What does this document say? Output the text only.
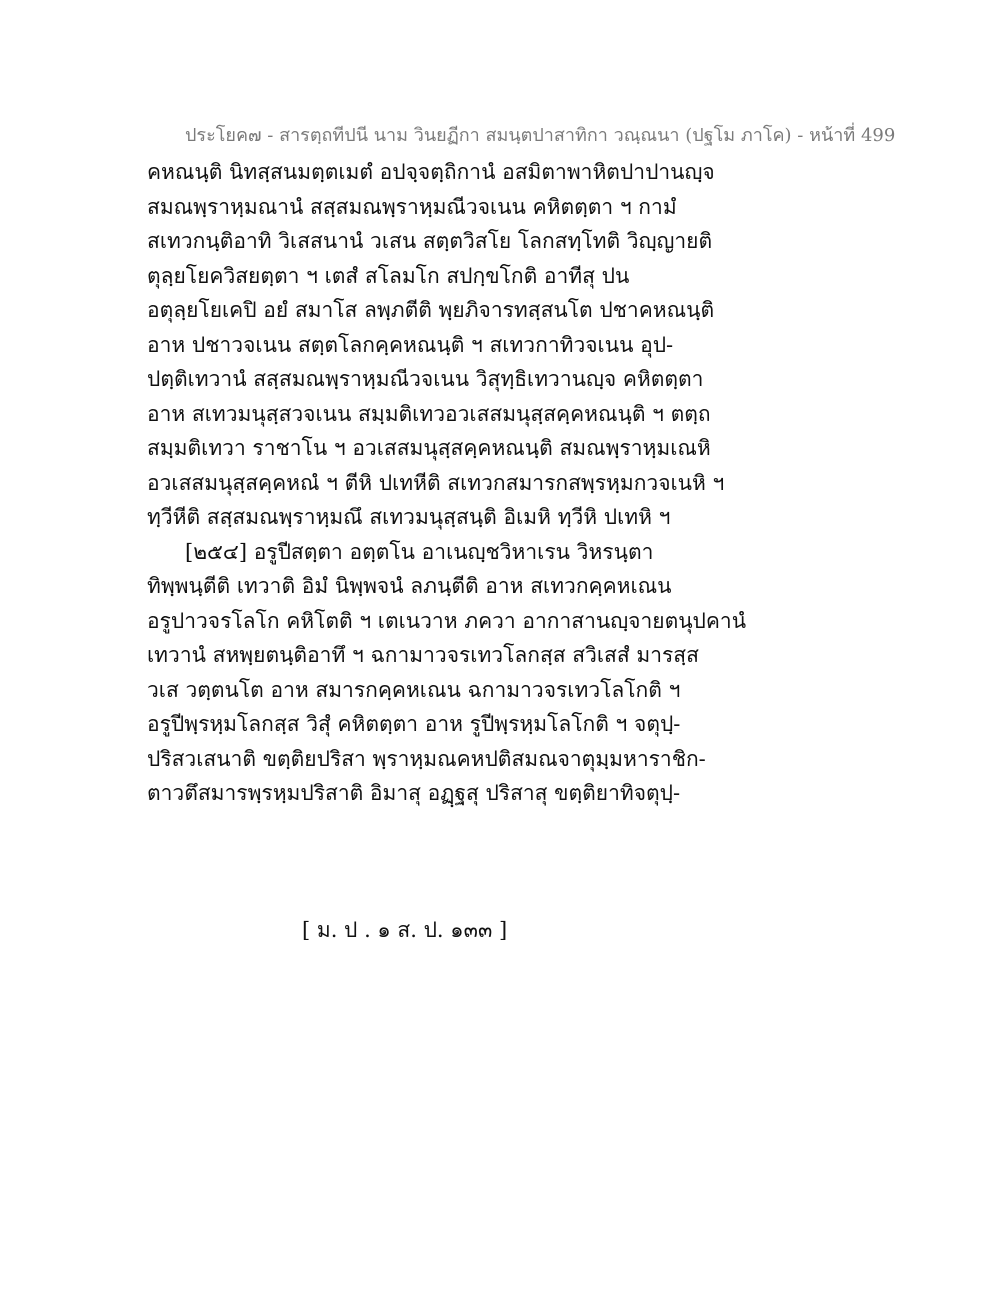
ประโยค๗ - สารตฺถทีปนี นาม วินยฏีกา สมนฺตปาสาทิกา วณฺณนา (ปฐโม ภาโค) - หน้าที่ 499
คหณนฺติ นิทสฺสนมตฺตเมตํ อปจฺจตฺถิกานํ อสมิตาพาหิตปาปานญฺจ
สมณพฺราหฺมณานํ สสฺสมณพฺราหฺมณีวจเนน คหิตตฺตา ฯ กามํ
สเทวกนฺติอาทิ วิเสสนานํ วเสน สตฺตวิสโย โลกสทฺโทติ วิญฺญายติ
ตุลฺยโยควิสยตฺตา ฯ เตสํ สโลมโก สปกฺขโกติ อาทีสุ ปน
อตุลฺยโยเคปิ อยํ สมาโส ลพฺภตีติ พฺยภิจารทสฺสนโต ปชาคหณนฺติ
อาห ปชาวจเนน สตฺตโลกคฺคหณนฺติ ฯ สเทวกาทิวจเนน อุป-
ปตฺติเทวานํ สสฺสมณพฺราหฺมณีวจเนน วิสุทฺธิเทวานญฺจ คหิตตฺตา
อาห สเทวมนุสฺสวจเนน สมฺมติเทวอวเสสมนุสฺสคฺคหณนฺติ ฯ ตตฺถ
สมฺมติเทวา ราชาโน ฯ อวเสสมนุสฺสคฺคหณนฺติ สมณพฺราหฺมเณหิ
อวเสสมนุสฺสคฺคหณํ ฯ ตีหิ ปเทหีติ สเทวกสมารกสพฺรหฺมกวจเนหิ ฯ
ทฺวีหีติ สสฺสมณพฺราหฺมณึ สเทวมนุสฺสนฺติ อิเมหิ ทฺวีหิ ปเทหิ ฯ
[๒๕๔] อรูปีสตฺตา อตฺตโน อาเนญฺชวิหาเรน วิหรนฺตา
ทิพฺพนฺตีติ เทวาติ อิมํ นิพฺพจนํ ลภนฺตีติ อาห สเทวกคฺคหเณน
อรูปาวจรโลโก คหิโตติ ฯ เตเนวาห ภควา อากาสานญฺจายตนุปคานํ
เทวานํ สหพฺยตนฺติอาทึ ฯ ฉกามาวจรเทวโลกสฺส สวิเสสํ มารสฺส
วเส วตฺตนโต อาห สมารกคฺคหเณน ฉกามาวจรเทวโลโกติ ฯ
อรูปีพฺรหฺมโลกสฺส วิสุํ คหิตตฺตา อาห รูปีพฺรหฺมโลโกติ ฯ จตุปฺ-
ปริสวเสนาติ ขตฺติยปริสา พฺราหฺมณคหปติสมณจาตุมฺมหาราชิก-
ตาวตึสมารพฺรหฺมปริสาติ อิมาสุ อฏฺฐสุ ปริสาสุ ขตฺติยาทิจตุปฺ-
[ ม. ป . ๑ ส. ป. ๑๓๓ ]
